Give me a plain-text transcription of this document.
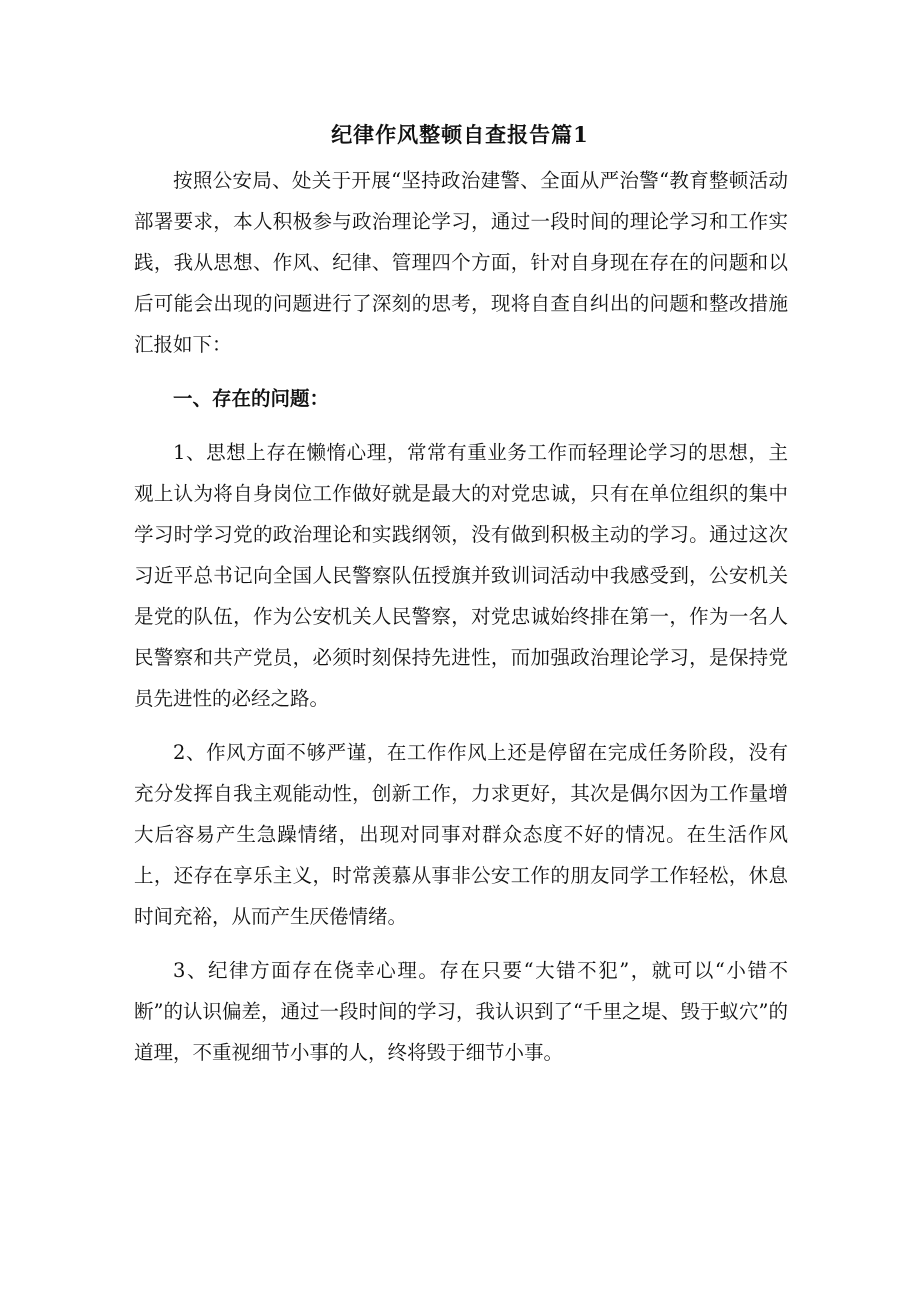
纪律作风整顿自查报告篇1

按照公安局、处关于开展“坚持政治建警、全面从严治警“教育整顿活动部署要求，本人积极参与政治理论学习，通过一段时间的理论学习和工作实践，我从思想、作风、纪律、管理四个方面，针对自身现在存在的问题和以后可能会出现的问题进行了深刻的思考，现将自查自纠出的问题和整改措施汇报如下：

一、存在的问题：

1、思想上存在懒惰心理，常常有重业务工作而轻理论学习的思想，主观上认为将自身岗位工作做好就是最大的对党忠诚，只有在单位组织的集中学习时学习党的政治理论和实践纲领，没有做到积极主动的学习。通过这次习近平总书记向全国人民警察队伍授旗并致训词活动中我感受到，公安机关是党的队伍，作为公安机关人民警察，对党忠诚始终排在第一，作为一名人民警察和共产党员，必须时刻保持先进性，而加强政治理论学习，是保持党员先进性的必经之路。

2、作风方面不够严谨，在工作作风上还是停留在完成任务阶段，没有充分发挥自我主观能动性，创新工作，力求更好，其次是偶尔因为工作量增大后容易产生急躁情绪，出现对同事对群众态度不好的情况。在生活作风上，还存在享乐主义，时常羡慕从事非公安工作的朋友同学工作轻松，休息时间充裕，从而产生厌倦情绪。

3、纪律方面存在侥幸心理。存在只要“大错不犯”，就可以“小错不断”的认识偏差，通过一段时间的学习，我认识到了“千里之堤、毁于蚁穴”的道理，不重视细节小事的人，终将毁于细节小事。
